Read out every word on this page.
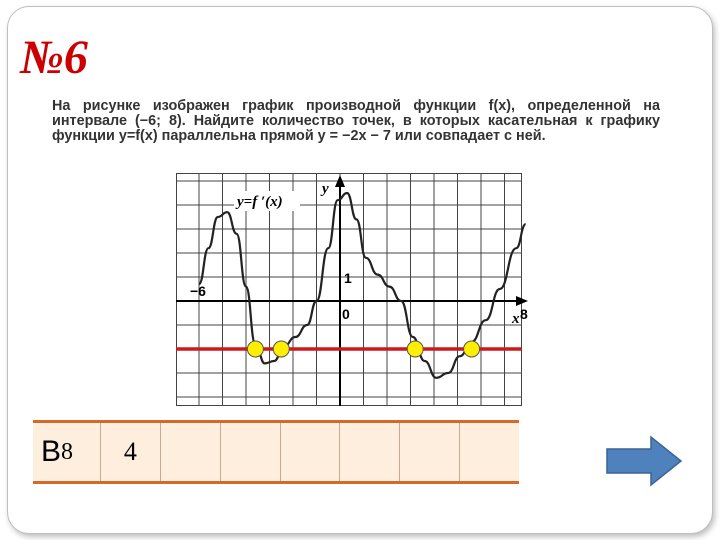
№6

На рисунке изображен график производной функции f(x), определенной на интервале (−6; 8). Найдите количество точек, в которых касательная к графику функции y=f(x) параллельна прямой y = −2x − 7 или совпадает с ней.

y
x
−6
0
1
8
y=f ′(x)
В 8	4
